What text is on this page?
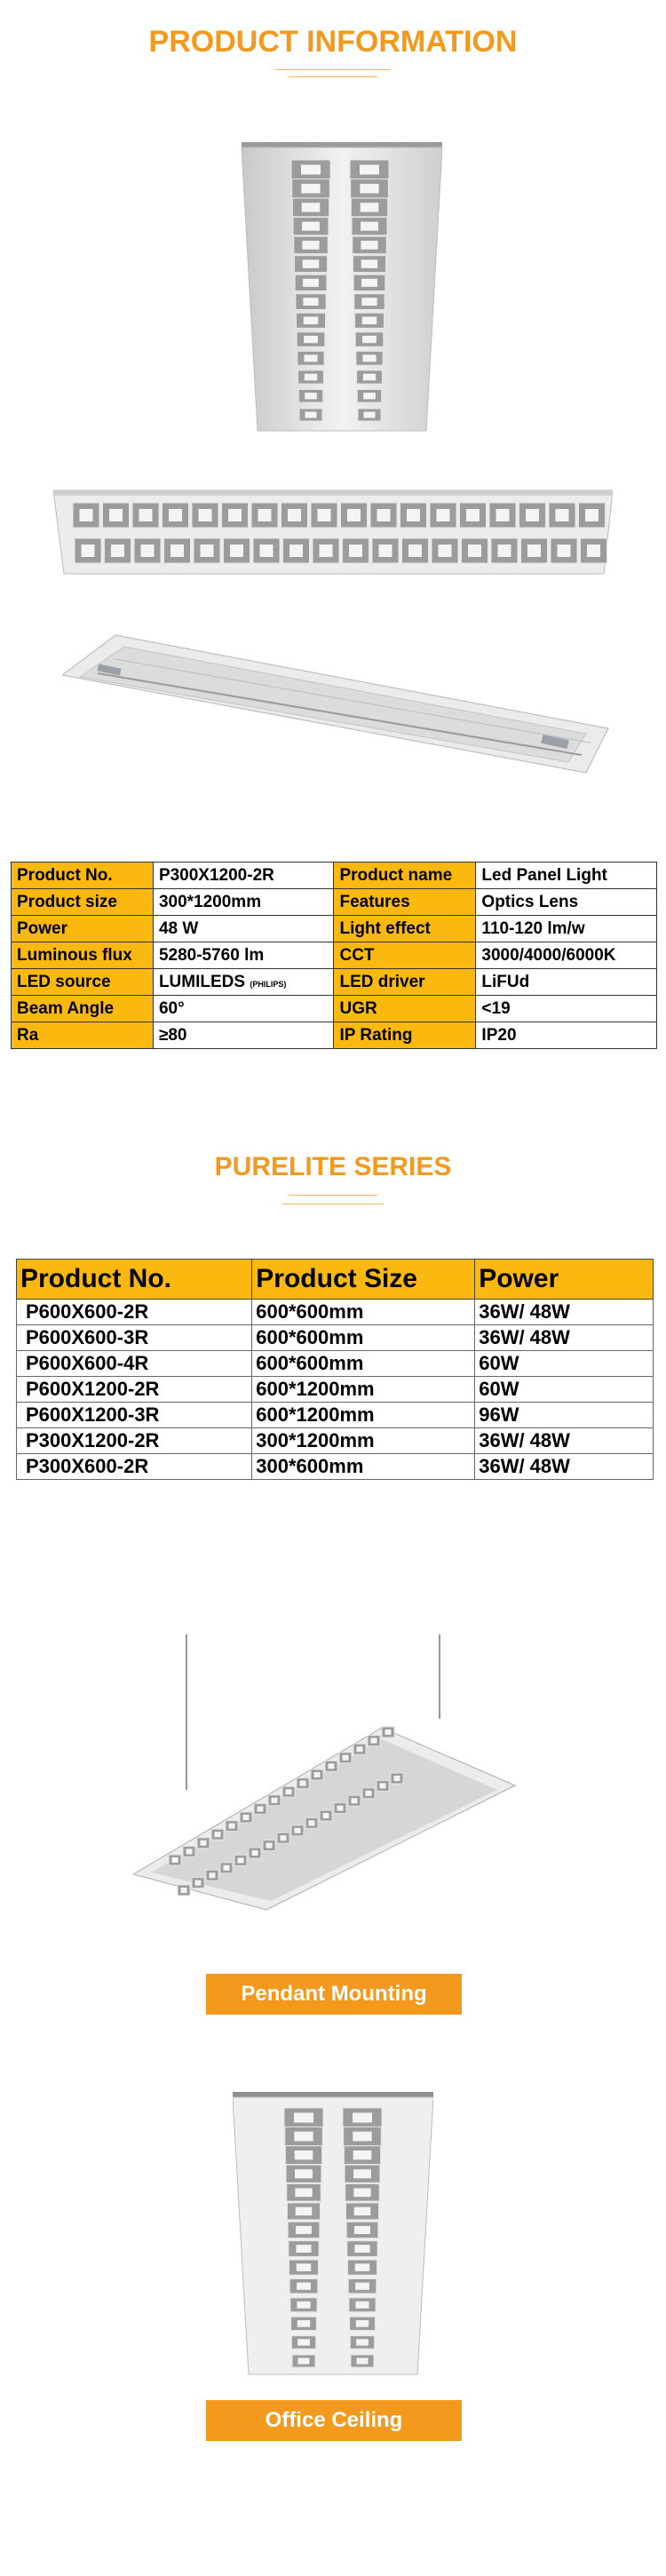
PRODUCT INFORMATION
Product No.	P300X1200-2R	Product name	Led Panel Light
Product size	300*1200mm	Features	Optics Lens
Power	48 W	Light effect	110-120 lm/w
Luminous flux	5280-5760 lm	CCT	3000/4000/6000K
LED source	LUMILEDS (PHILIPS)	LED driver	LiFUd
Beam Angle	60°	UGR	<19
Ra	≥80	IP Rating	IP20
PURELITE SERIES
Product No.	Product Size	Power
P600X600-2R	600*600mm	36W/ 48W
P600X600-3R	600*600mm	36W/ 48W
P600X600-4R	600*600mm	60W
P600X1200-2R	600*1200mm	60W
P600X1200-3R	600*1200mm	96W
P300X1200-2R	300*1200mm	36W/ 48W
P300X600-2R	300*600mm	36W/ 48W
Pendant Mounting
Office Ceiling
